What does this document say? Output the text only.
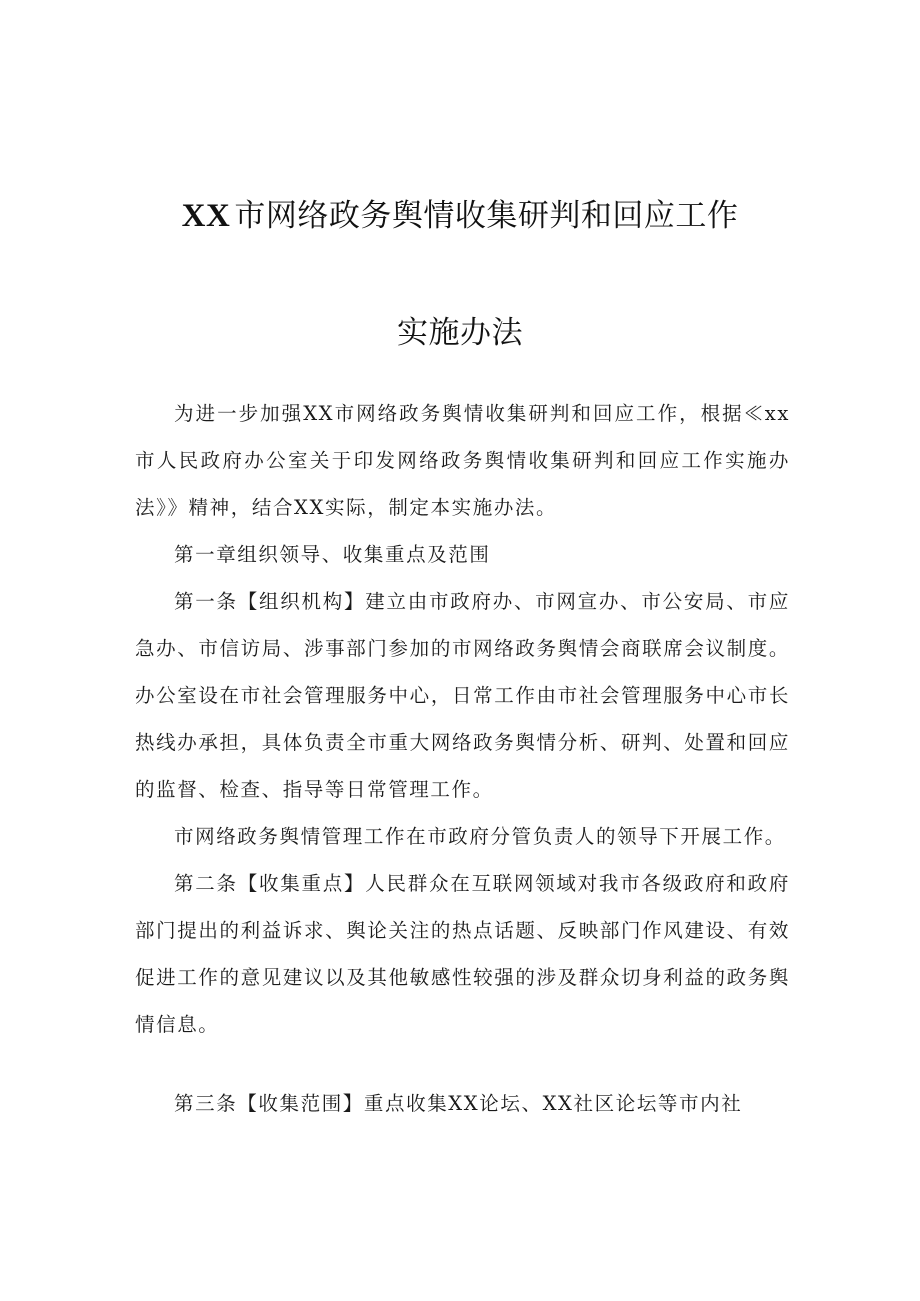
XX 市网络政务舆情收集研判和回应工作
实施办法

为进一步加强XX市网络政务舆情收集研判和回应工作，根据≪xx市人民政府办公室关于印发网络政务舆情收集研判和回应工作实施办法》》精神，结合XX实际，制定本实施办法。

第一章组织领导、收集重点及范围

第一条【组织机构】建立由市政府办、市网宣办、市公安局、市应急办、市信访局、涉事部门参加的市网络政务舆情会商联席会议制度。办公室设在市社会管理服务中心，日常工作由市社会管理服务中心市长热线办承担，具体负责全市重大网络政务舆情分析、研判、处置和回应的监督、检查、指导等日常管理工作。

市网络政务舆情管理工作在市政府分管负责人的领导下开展工作。

第二条【收集重点】人民群众在互联网领域对我市各级政府和政府部门提出的利益诉求、舆论关注的热点话题、反映部门作风建设、有效促进工作的意见建议以及其他敏感性较强的涉及群众切身利益的政务舆情信息。

第三条【收集范围】重点收集XX论坛、XX社区论坛等市内社
